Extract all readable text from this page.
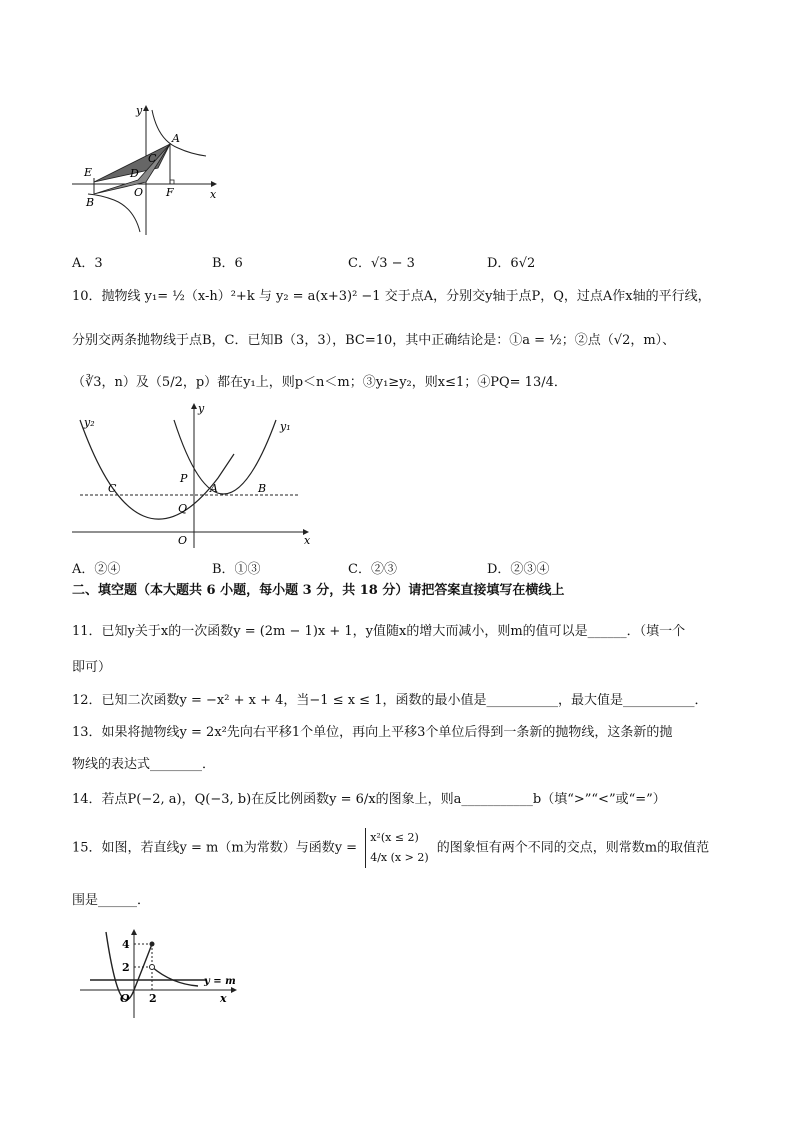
y
x
A
C
D
E
O F
B
A．3	B．6	C．√3 − 3	D．6√2
10．抛物线 y₁= ½（x-h）²+k 与 y₂ = a(x+3)² −1 交于点A，分别交y轴于点P，Q，过点A作x轴的平行线，
分别交两条抛物线于点B，C．已知B（3，3），BC=10，其中正确结论是：①a = ½；②点（√2，m）、
（∛3，n）及（5/2，p）都在y₁上，则p＜n＜m；③y₁≥y₂，则x≤1；④PQ= 13/4．
y₂	y₁
y
x
P
A	B
C
Q
O
A．②④	B．①③	C．②③	D．②③④
二、填空题（本大题共 6 小题，每小题 3 分，共 18 分）请把答案直接填写在横线上
11．已知y关于x的一次函数y = (2m − 1)x + 1，y值随x的增大而减小，则m的值可以是______．（填一个
即可）
12．已知二次函数y = −x² + x + 4，当−1 ≤ x ≤ 1，函数的最小值是___________，最大值是___________．
13．如果将抛物线y = 2x²先向右平移1个单位，再向上平移3个单位后得到一条新的抛物线，这条新的抛
物线的表达式________．
14．若点P(−2, a)，Q(−3, b)在反比例函数y = 6/x的图象上，则a___________b（填“>”“<”或“=”）
15．如图，若直线y = m（m为常数）与函数y =
x²(x ≤ 2)
4/x (x > 2)
的图象恒有两个不同的交点，则常数m的取值范
围是______．
4
2
O 2	x
y = m
